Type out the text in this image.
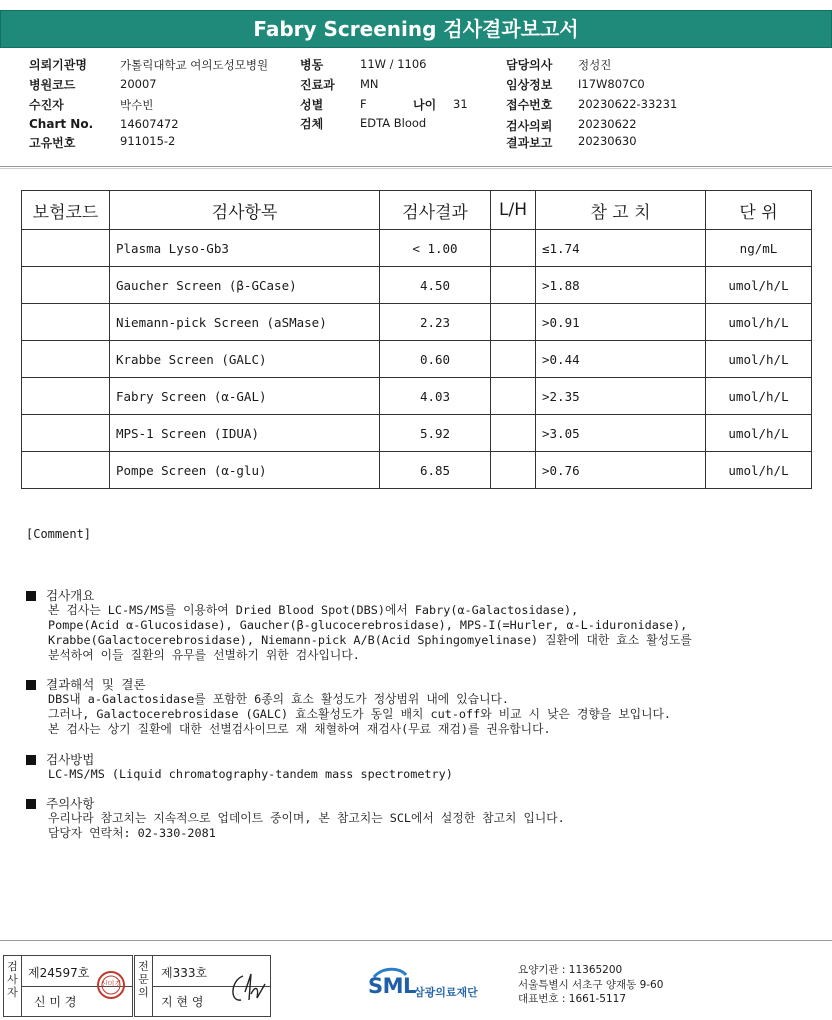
Fabry Screening 검사결과보고서
의뢰기관명	가톨릭대학교 여의도성모병원
병원코드	20007
수진자	박수빈
Chart No. 14607472
고유번호	911015-2
병동	11W / 1106
진료과 MN
성별	F	나이 31
검체	EDTA Blood
담당의사 정성진
임상정보 I17W807C0
접수번호 20230622-33231
검사의뢰 20230622
결과보고 20230630
보험코드	검사항목	검사결과	L/H	참 고 치	단 위
	Plasma Lyso-Gb3	< 1.00		≤1.74	ng/mL
	Gaucher Screen (β-GCase)	4.50		>1.88	umol/h/L
	Niemann-pick Screen (aSMase)	2.23		>0.91	umol/h/L
	Krabbe Screen (GALC)	0.60		>0.44	umol/h/L
	Fabry Screen (α-GAL)	4.03		>2.35	umol/h/L
	MPS-1 Screen (IDUA)	5.92		>3.05	umol/h/L
	Pompe Screen (α-glu)	6.85		>0.76	umol/h/L
[Comment]
검사개요
본 검사는 LC-MS/MS를 이용하여 Dried Blood Spot(DBS)에서 Fabry(α-Galactosidase),
Pompe(Acid α-Glucosidase), Gaucher(β-glucocerebrosidase), MPS-I(=Hurler, α-L-iduronidase),
Krabbe(Galactocerebrosidase), Niemann-pick A/B(Acid Sphingomyelinase) 질환에 대한 효소 활성도를
분석하여 이들 질환의 유무를 선별하기 위한 검사입니다.
결과해석 및 결론
DBS내 a-Galactosidase를 포함한 6종의 효소 활성도가 정상범위 내에 있습니다.
그러나, Galactocerebrosidase (GALC) 효소활성도가 동일 배치 cut-off와 비교 시 낮은 경향을 보입니다.
본 검사는 상기 질환에 대한 선별검사이므로 재 채혈하여 재검사(무료 재검)를 권유합니다.
검사방법
LC-MS/MS (Liquid chromatography-tandem mass spectrometry)
주의사항
우리나라 참고치는 지속적으로 업데이트 중이며, 본 참고치는 SCL에서 설정한 참고치 입니다.
담당자 연락처: 02-330-2081
검사자
제24597호
신 미 경
신미경
전문의
제333호
지 현 영
SML
삼광의료재단
요양기관 : 11365200
서울특별시 서초구 양재동 9-60
대표번호 : 1661-5117
